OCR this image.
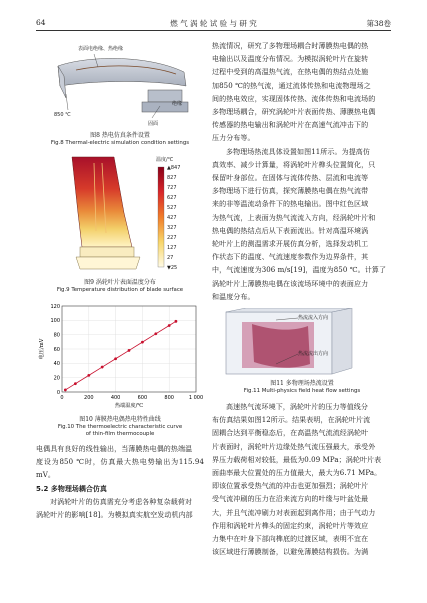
64	燃 气 涡 轮 试 验 与 研 究	第38卷
表面电绝缘、热绝缘
850 ℃
绝缘
固面
图8 热电仿真条件设置
Fig.8 Thermal-electric simulation condition settings
温度/℃
▲847
827
727
627
527
427
327
227
127
27
▼25
图9 涡轮叶片表面温度分布
Fig.9 Temperature distribution of blade surface
0	200	400	600	800	1 000
0
20
40
60
80
100
120
热端温度/℃
电压/mV
图10 薄膜热电偶热电特性曲线
Fig.10 The thermoelectric characteristic curve
of thin-film thermocouple

电偶具有良好的线性输出，当薄膜热电偶的热端温

度设为850 ℃时，仿真最大热电势输出为115.94 mV。

5.2 多物理场耦合仿真

对涡轮叶片的仿真需充分考虑各种复杂载荷对

涡轮叶片的影响[18]。为模拟真实航空发动机内部

热流情况，研究了多物理场耦合时薄膜热电偶的热

电输出以及温度分布情况。为模拟涡轮叶片在旋转

过程中受到的高温热气流，在热电偶的热结点处施

加850 ℃的热气流，通过流体传热和电流物理场之

间的热电效应，实现固体传热、流体传热和电流场的

多物理场耦合，研究涡轮叶片表面传热、薄膜热电偶

传感器的热电输出和涡轮叶片在高速气流冲击下的

压力分布等。

多物理场热流具体设置如图11所示。为提高仿

真效率、减少计算量，将涡轮叶片榫头位置简化，只

保留叶身部位。在固体与流体传热、层流和电流等

多物理场下进行仿真，探究薄膜热电偶在热气流带

来的非等温流动条件下的热电输出。图中红色区域

为热气流，上表面为热气流流入方向，经涡轮叶片和

热电偶的热结点后从下表面流出。针对高温环境涡

轮叶片上的测温需求开展仿真分析，选择发动机工

作状态下的温度、气流速度参数作为边界条件，其

中，气流速度为306 m/s[19]，温度为850 ℃。计算了

涡轮叶片上薄膜热电偶在该流场环境中的表面应力

和温度分布。

热流流入方向
热流流出方向
图11 多物理场热流设置
Fig.11 Multi-physics field heat flow settings

高速热气流环境下，涡轮叶片的压力等值线分

布仿真结果如图12所示。结果表明，在涡轮叶片流

固耦合达到平衡稳态后，在高温热气流流经涡轮叶

片表面时，涡轮叶片边缘处热气流压强最大，承受外

界压力载荷相对较低，最低为0.09 MPa；涡轮叶片表

面曲率最大位置处的压力值最大，最大为6.71 MPa。

即该位置承受热气流的冲击也更加强烈；涡轮叶片

受气流冲刷的压力在沿来流方向的叶缘与叶盆处最

大，并且气流冲刷力对表面起到离作用；由于气动力

作用和涡轮叶片榫头的固定约束，涡轮叶片等效应

力集中在叶身下部向榫底的过渡区域，表明不宜在

该区域进行薄膜制备，以避免薄膜结构损伤。为满
